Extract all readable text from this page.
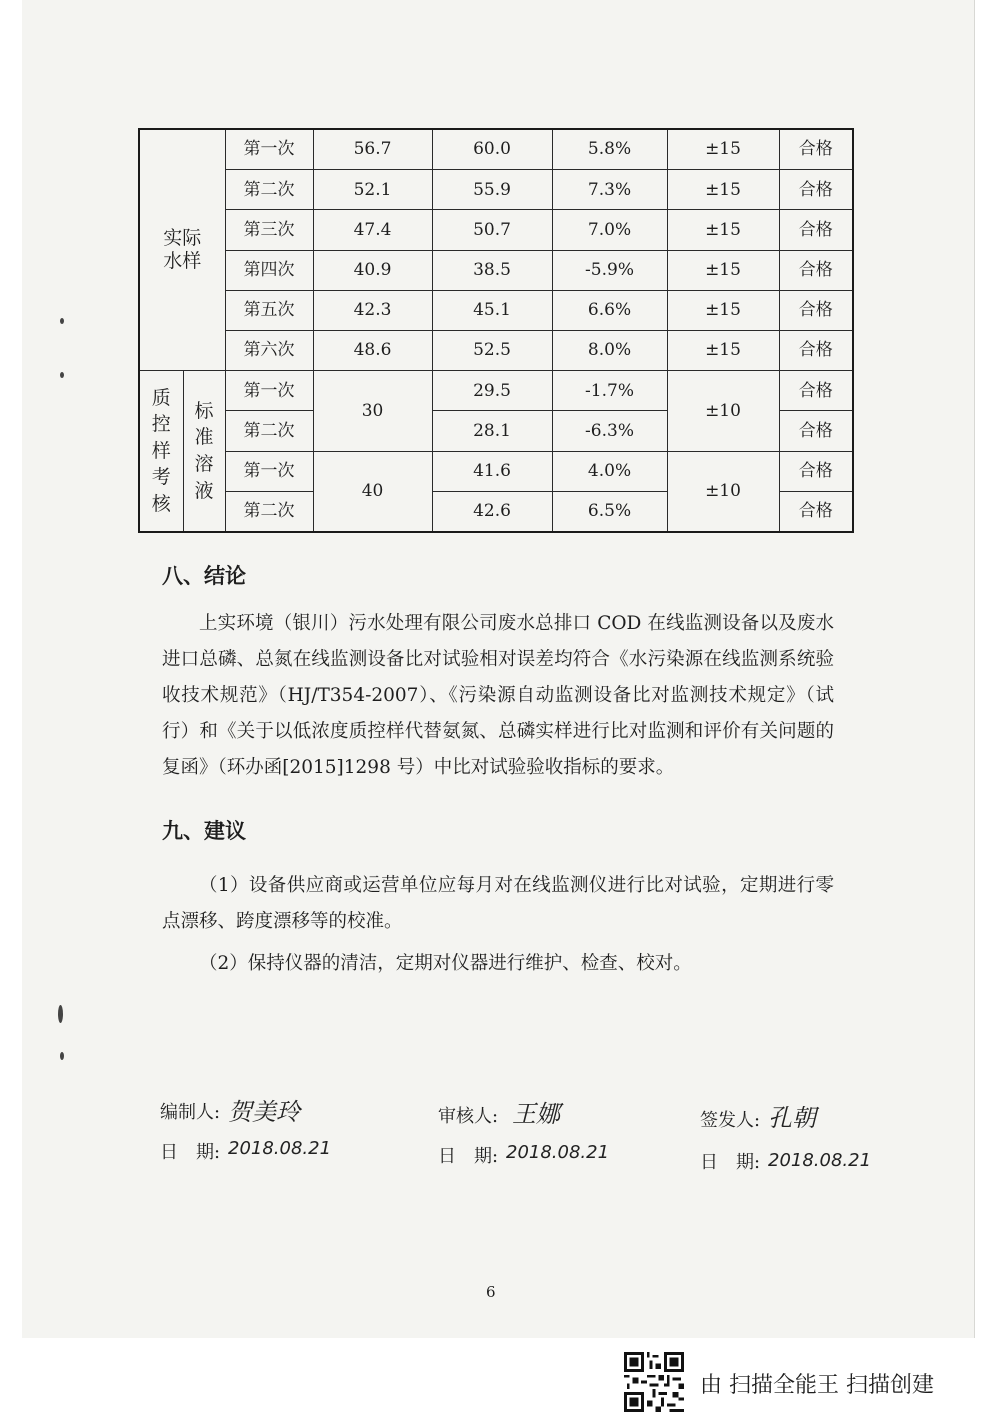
实际
水样		第一次	56.7	60.0	5.8%	±15	合格
		第二次	52.1	55.9	7.3%	±15	合格
		第三次	47.4	50.7	7.0%	±15	合格
		第四次	40.9	38.5	-5.9%	±15	合格
		第五次	42.3	45.1	6.6%	±15	合格
		第六次	48.6	52.5	8.0%	±15	合格

质控样考核	标准溶液	第一次	30	29.5	-1.7%	±10	合格
		第二次		28.1	-6.3%		合格
		第一次	40	41.6	4.0%	±10	合格
		第二次		42.6	6.5%		合格
八、结论
上实环境（银川）污水处理有限公司废水总排口 COD 在线监测设备以及废水进口总磷、总氮在线监测设备比对试验相对误差均符合《水污染源在线监测系统验收技术规范》（HJ/T354-2007）、《污染源自动监测设备比对监测技术规定》（试行）和《关于以低浓度质控样代替氨氮、总磷实样进行比对监测和评价有关问题的复函》（环办函[2015]1298 号）中比对试验验收指标的要求。
九、建议
（1）设备供应商或运营单位应每月对在线监测仪进行比对试验，定期进行零点漂移、跨度漂移等的校准。
（2）保持仪器的清洁，定期对仪器进行维护、检查、校对。
编制人: 贺美玲	审核人: 王娜	签发人: 孔朝
日　期: 2018.08.21	日　期: 2018.08.21	日　期: 2018.08.21
6
由 扫描全能王 扫描创建
